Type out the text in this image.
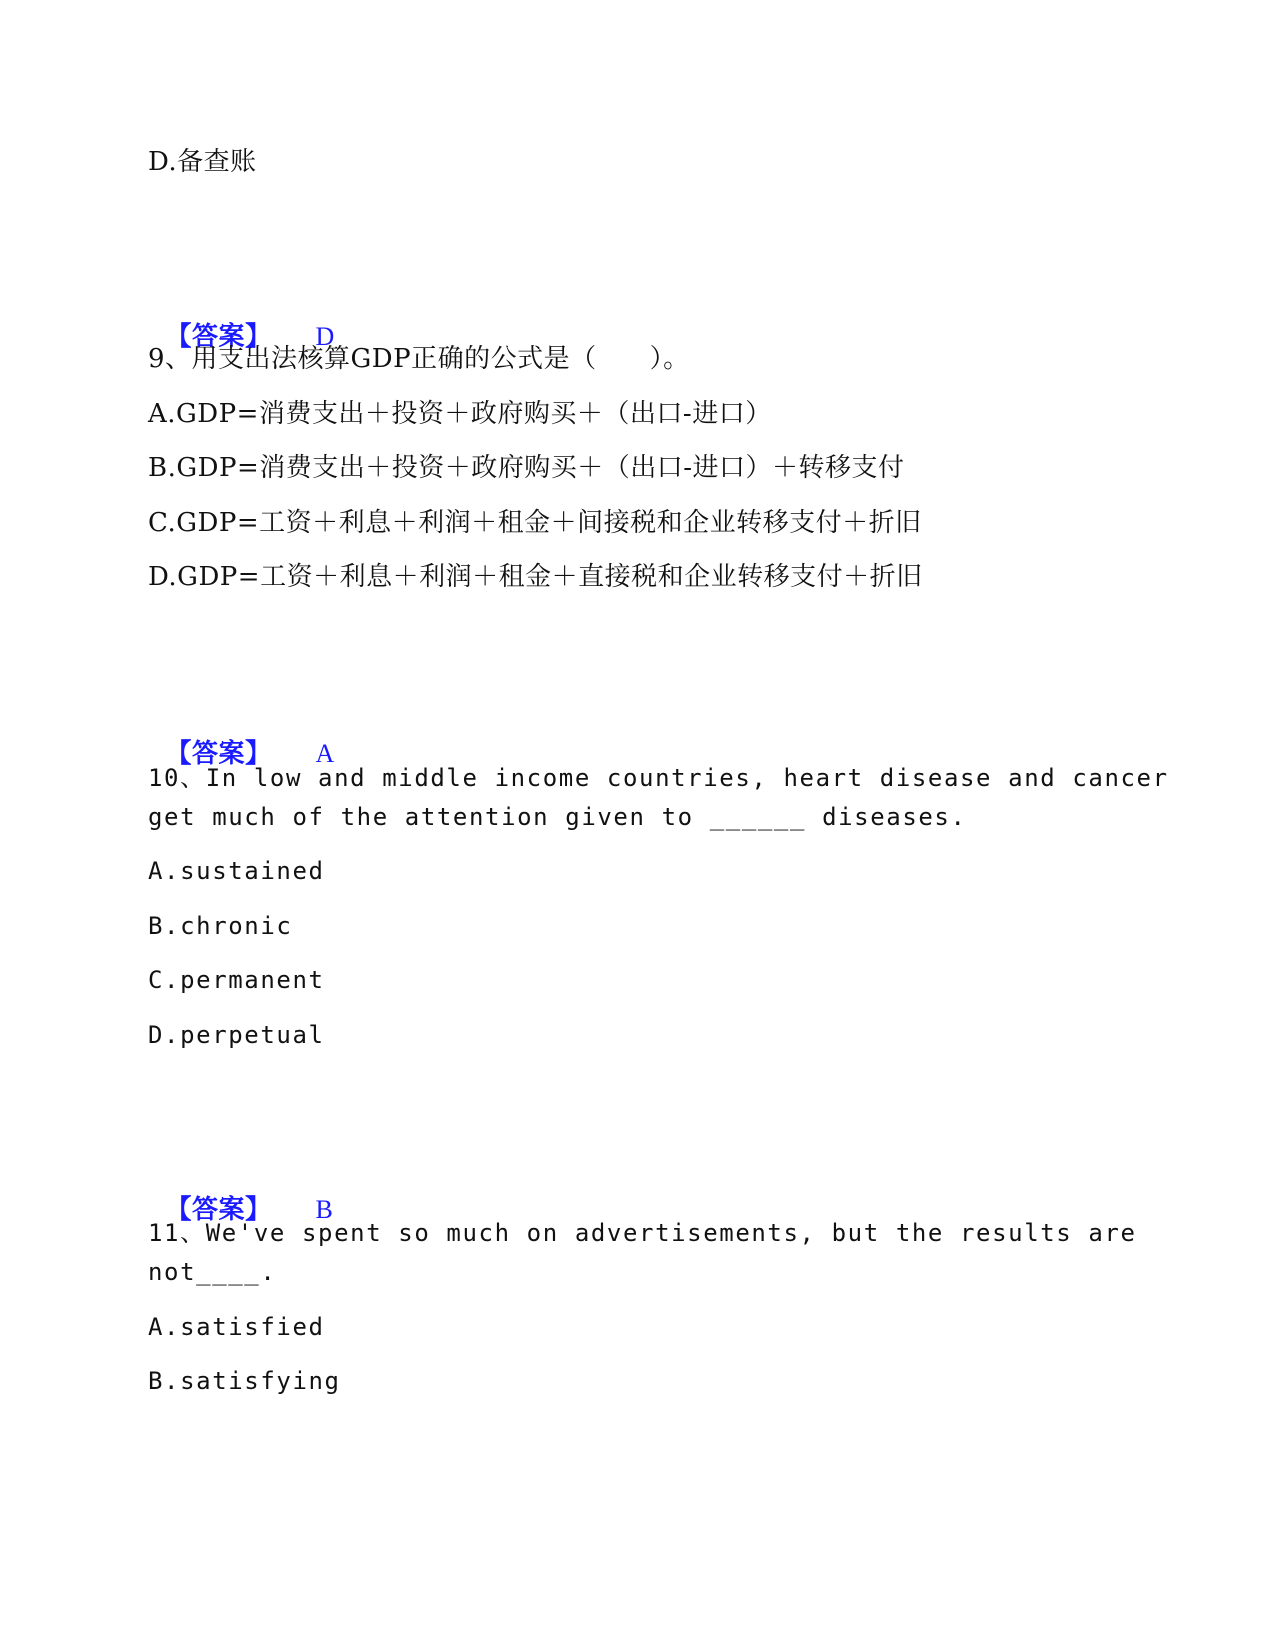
D.备查账

【答案】 D

9、用支出法核算GDP正确的公式是（　　）。
A.GDP=消费支出＋投资＋政府购买＋（出口-进口）
B.GDP=消费支出＋投资＋政府购买＋（出口-进口）＋转移支付
C.GDP=工资＋利息＋利润＋租金＋间接税和企业转移支付＋折旧
D.GDP=工资＋利息＋利润＋租金＋直接税和企业转移支付＋折旧

【答案】 A

10、In low and middle income countries, heart disease and cancer
get much of the attention given to ______ diseases.
A.sustained
B.chronic
C.permanent
D.perpetual

【答案】 B

11、We've spent so much on advertisements, but the results are
not____.
A.satisfied
B.satisfying
